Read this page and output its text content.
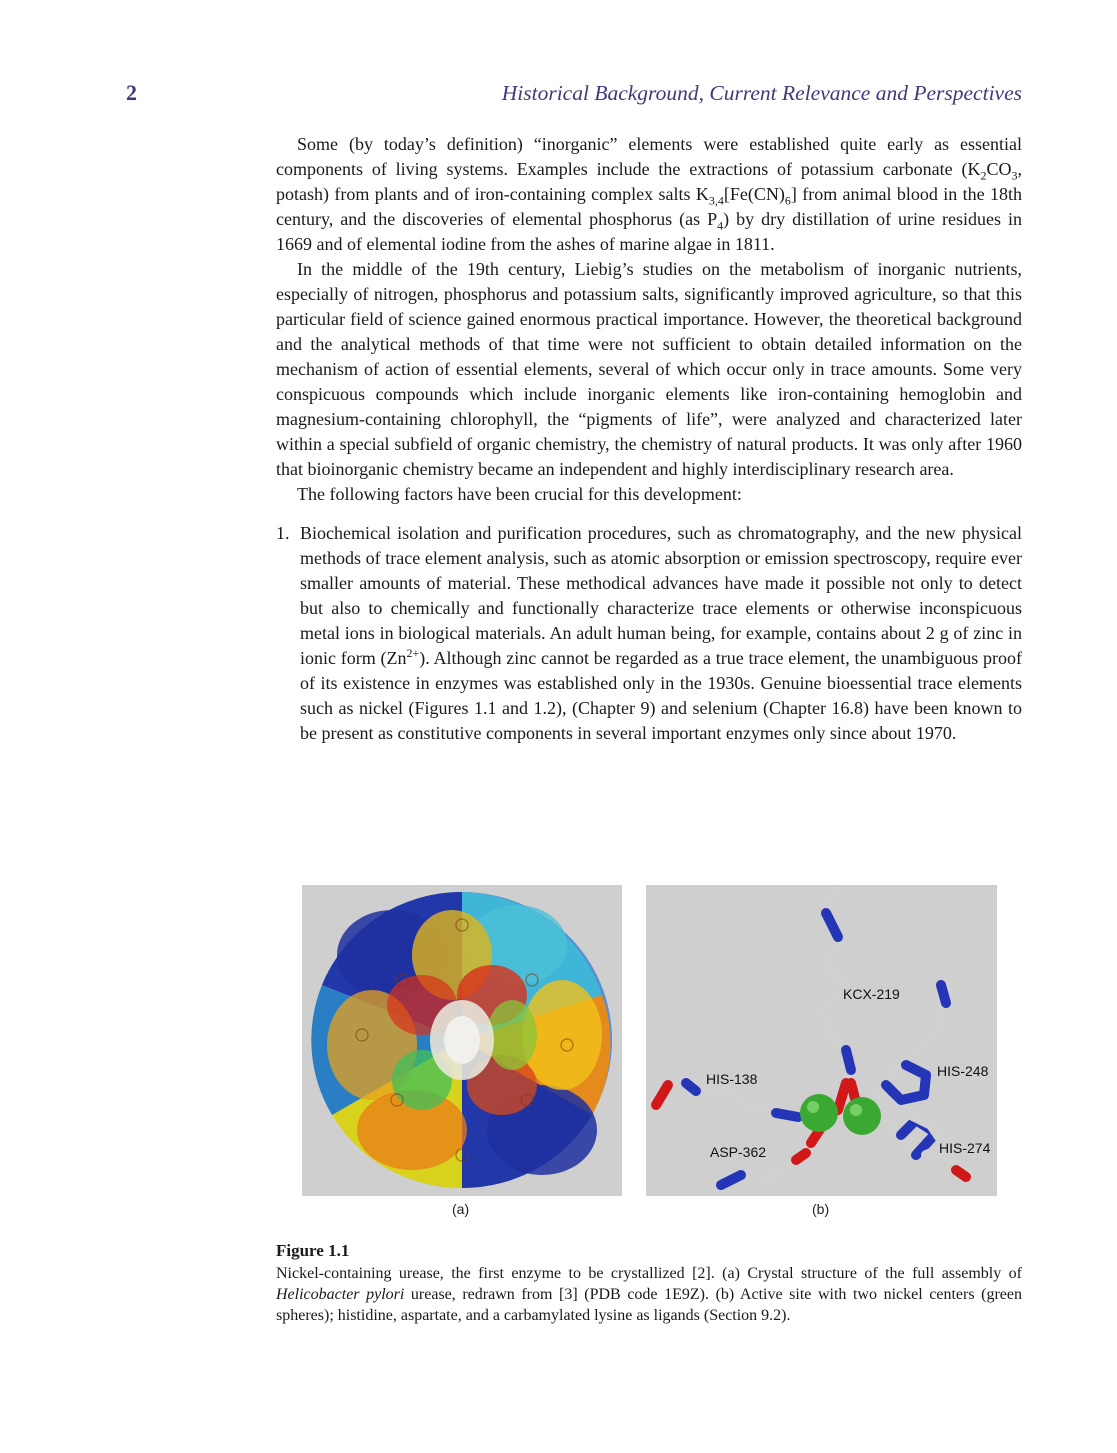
2	Historical Background, Current Relevance and Perspectives

Some (by today’s definition) “inorganic” elements were established quite early as essential components of living systems. Examples include the extractions of potassium carbonate ($K_2CO_3$, potash) from plants and of iron-containing complex salts $K_{3,4}[Fe(CN)_6]$ from animal blood in the 18th century, and the discoveries of elemental phosphorus (as $P_4$) by dry distillation of urine residues in 1669 and of elemental iodine from the ashes of marine algae in 1811.

In the middle of the 19th century, Liebig’s studies on the metabolism of inorganic nutrients, especially of nitrogen, phosphorus and potassium salts, significantly improved agriculture, so that this particular field of science gained enormous practical importance. However, the theoretical background and the analytical methods of that time were not sufficient to obtain detailed information on the mechanism of action of essential elements, several of which occur only in trace amounts. Some very conspicuous compounds which include inorganic elements like iron-containing hemoglobin and magnesium-containing chlorophyll, the “pigments of life”, were analyzed and characterized later within a special subfield of organic chemistry, the chemistry of natural products. It was only after 1960 that bioinorganic chemistry became an independent and highly interdisciplinary research area.

The following factors have been crucial for this development:

1. Biochemical isolation and purification procedures, such as chromatography, and the new physical methods of trace element analysis, such as atomic absorption or emission spectroscopy, require ever smaller amounts of material. These methodical advances have made it possible not only to detect but also to chemically and functionally characterize trace elements or otherwise inconspicuous metal ions in biological materials. An adult human being, for example, contains about 2 g of zinc in ionic form $(Zn^{2+})$. Although zinc cannot be regarded as a true trace element, the unambiguous proof of its existence in enzymes was established only in the 1930s. Genuine bioessential trace elements such as nickel (Figures 1.1 and 1.2), (Chapter 9) and selenium (Chapter 16.8) have been known to be present as constitutive components in several important enzymes only since about 1970.
KCX-219
HIS-138	HIS-248
ASP-362	HIS-274
(a)	(b)
Figure 1.1
Nickel-containing urease, the first enzyme to be crystallized [2]. (a) Crystal structure of the full assembly of Helicobacter pylori urease, redrawn from [3] (PDB code 1E9Z). (b) Active site with two nickel centers (green spheres); histidine, aspartate, and a carbamylated lysine as ligands (Section 9.2).
